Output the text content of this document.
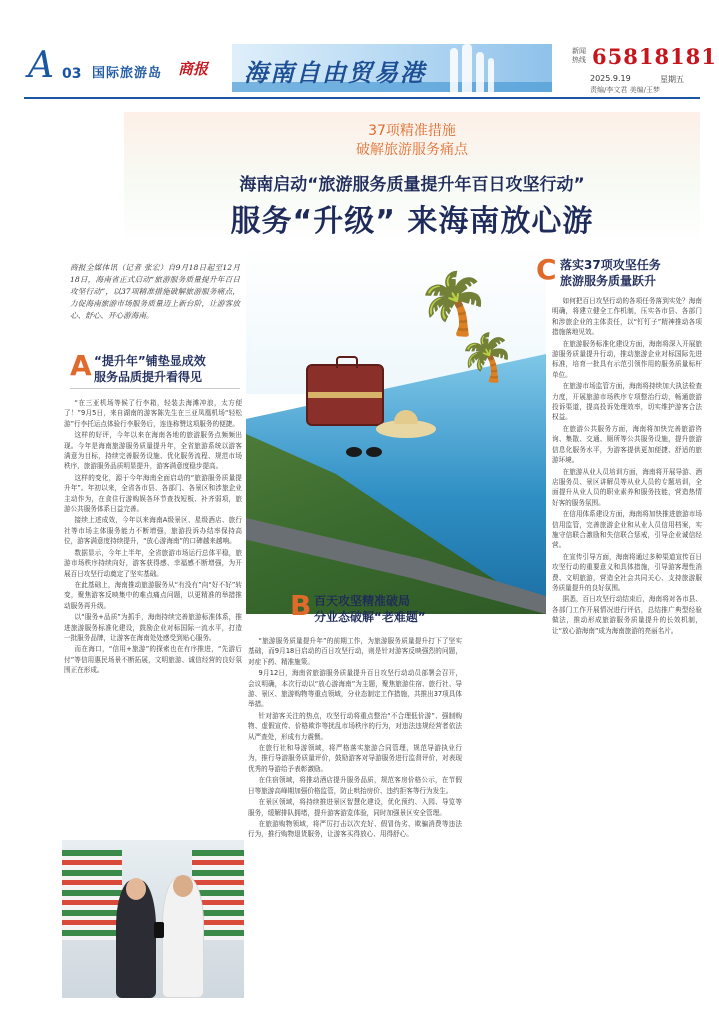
A 03 国际旅游岛 商报 海南自由贸易港
新闻热线 65818181
2025.9.19	星期五
责编/李文君 美编/王梦
37项精准措施
破解旅游服务痛点
海南启动“旅游服务质量提升年百日攻坚行动”
服务“升级” 来海南放心游
商报全媒体讯（记者 张宏）自9月18日起至12月18日，海南省正式启动“旅游服务质量提升年百日攻坚行动”，以37项精准措施破解旅游服务痛点，力促海南旅游市场服务质量迈上新台阶，让游客放心、舒心、开心游海南。	🌴
🌴
A “提升年”铺垫显成效
服务品质提升看得见

“在三亚机场等候了行李箱，轻装去海滩冲浪，太方便了！”9月5日，来自湖南的游客陈先生在三亚凤凰机场“轻松游”行李托运点体验行李服务后，连连称赞这项服务的便捷。

这样的好评，今年以来在海南各地的旅游服务点频频出现。今年是海南旅游服务质量提升年，全省旅游系统以游客满意为目标，持续完善服务设施、优化服务流程、规范市场秩序，旅游服务品质明显提升，游客满意度稳步提高。

这样的变化，源于今年海南全面启动的“旅游服务质量提升年”。年初以来，全省各市县、各部门、各景区和涉旅企业主动作为，在食住行游购娱各环节查找短板、补齐弱项，旅游公共服务体系日益完善。

接续上述成效，今年以来海南A级景区、星级酒店、旅行社等市场主体服务能力不断增强，旅游投诉办结率保持高位，游客满意度持续提升，“放心游海南”的口碑越来越响。

数据显示，今年上半年，全省旅游市场运行总体平稳，旅游市场秩序持续向好，游客获得感、幸福感不断增强，为开展百日攻坚行动奠定了坚实基础。

在此基础上，海南推动旅游服务从“有没有”向“好不好”转变，聚焦游客反映集中的难点痛点问题，以更精准的举措推动服务再升级。

以“服务+品质”为抓手，海南持续完善旅游标准体系，推进旅游服务标准化建设，鼓励企业对标国际一流水平，打造一批服务品牌，让游客在海南处处感受到贴心服务。

而在海口，“信用+旅游”的探索也在有序推进，“先游后付”等信用惠民场景不断拓展，文明旅游、诚信经营的良好氛围正在形成。

B 百天攻坚精准破局
分业态破解“老难题”

“旅游服务质量提升年”的前期工作，为旅游服务质量提升打下了坚实基础，而9月18日启动的百日攻坚行动，则是针对游客反映强烈的问题，对症下药、精准施策。

9月12日，海南省旅游服务质量提升百日攻坚行动动员部署会召开，会议明确，本次行动以“放心游海南”为主题，聚焦旅游住宿、旅行社、导游、景区、旅游购物等重点领域，分业态制定工作措施，共推出37项具体举措。

针对游客关注的热点，攻坚行动将重点整治“不合理低价游”、强制购物、虚假宣传、价格欺诈等扰乱市场秩序的行为，对违法违规经营者依法从严查处，形成有力震慑。

在旅行社和导游领域，将严格落实旅游合同管理，规范导游执业行为，推行导游服务质量评价，鼓励游客对导游服务进行监督评价，对表现优秀的导游给予表彰激励。

在住宿领域，将推动酒店提升服务品质，规范客房价格公示，在节假日等旅游高峰期加强价格监管，防止哄抬房价、违约拒客等行为发生。

在景区领域，将持续推进景区智慧化建设，优化预约、入园、导览等服务，缓解排队拥堵，提升游客游览体验，同时加强景区安全管理。

在旅游购物领域，将严厉打击以次充好、假冒伪劣、欺骗消费等违法行为，推行购物退货服务，让游客买得放心、用得舒心。

C 落实37项攻坚任务
旅游服务质量跃升

如何把百日攻坚行动的各项任务落到实处？海南明确，将建立健全工作机制，压实各市县、各部门和涉旅企业的主体责任，以“钉钉子”精神推动各项措施落地见效。

在旅游服务标准化建设方面，海南将深入开展旅游服务质量提升行动，推动旅游企业对标国际先进标准，培育一批具有示范引领作用的服务质量标杆单位。

在旅游市场监管方面，海南将持续加大执法检查力度，开展旅游市场秩序专项整治行动，畅通旅游投诉渠道，提高投诉处理效率，切实维护游客合法权益。

在旅游公共服务方面，海南将加快完善旅游咨询、集散、交通、厕所等公共服务设施，提升旅游信息化服务水平，为游客提供更加便捷、舒适的旅游环境。

在旅游从业人员培训方面，海南将开展导游、酒店服务员、景区讲解员等从业人员的专题培训，全面提升从业人员的职业素养和服务技能，营造热情好客的服务氛围。

在信用体系建设方面，海南将加快推进旅游市场信用监管，完善旅游企业和从业人员信用档案，实施守信联合激励和失信联合惩戒，引导企业诚信经营。

在宣传引导方面，海南将通过多种渠道宣传百日攻坚行动的重要意义和具体措施，引导游客理性消费、文明旅游，营造全社会共同关心、支持旅游服务质量提升的良好氛围。

据悉，百日攻坚行动结束后，海南将对各市县、各部门工作开展情况进行评估，总结推广典型经验做法，推动形成旅游服务质量提升的长效机制，让“放心游海南”成为海南旅游的亮丽名片。
